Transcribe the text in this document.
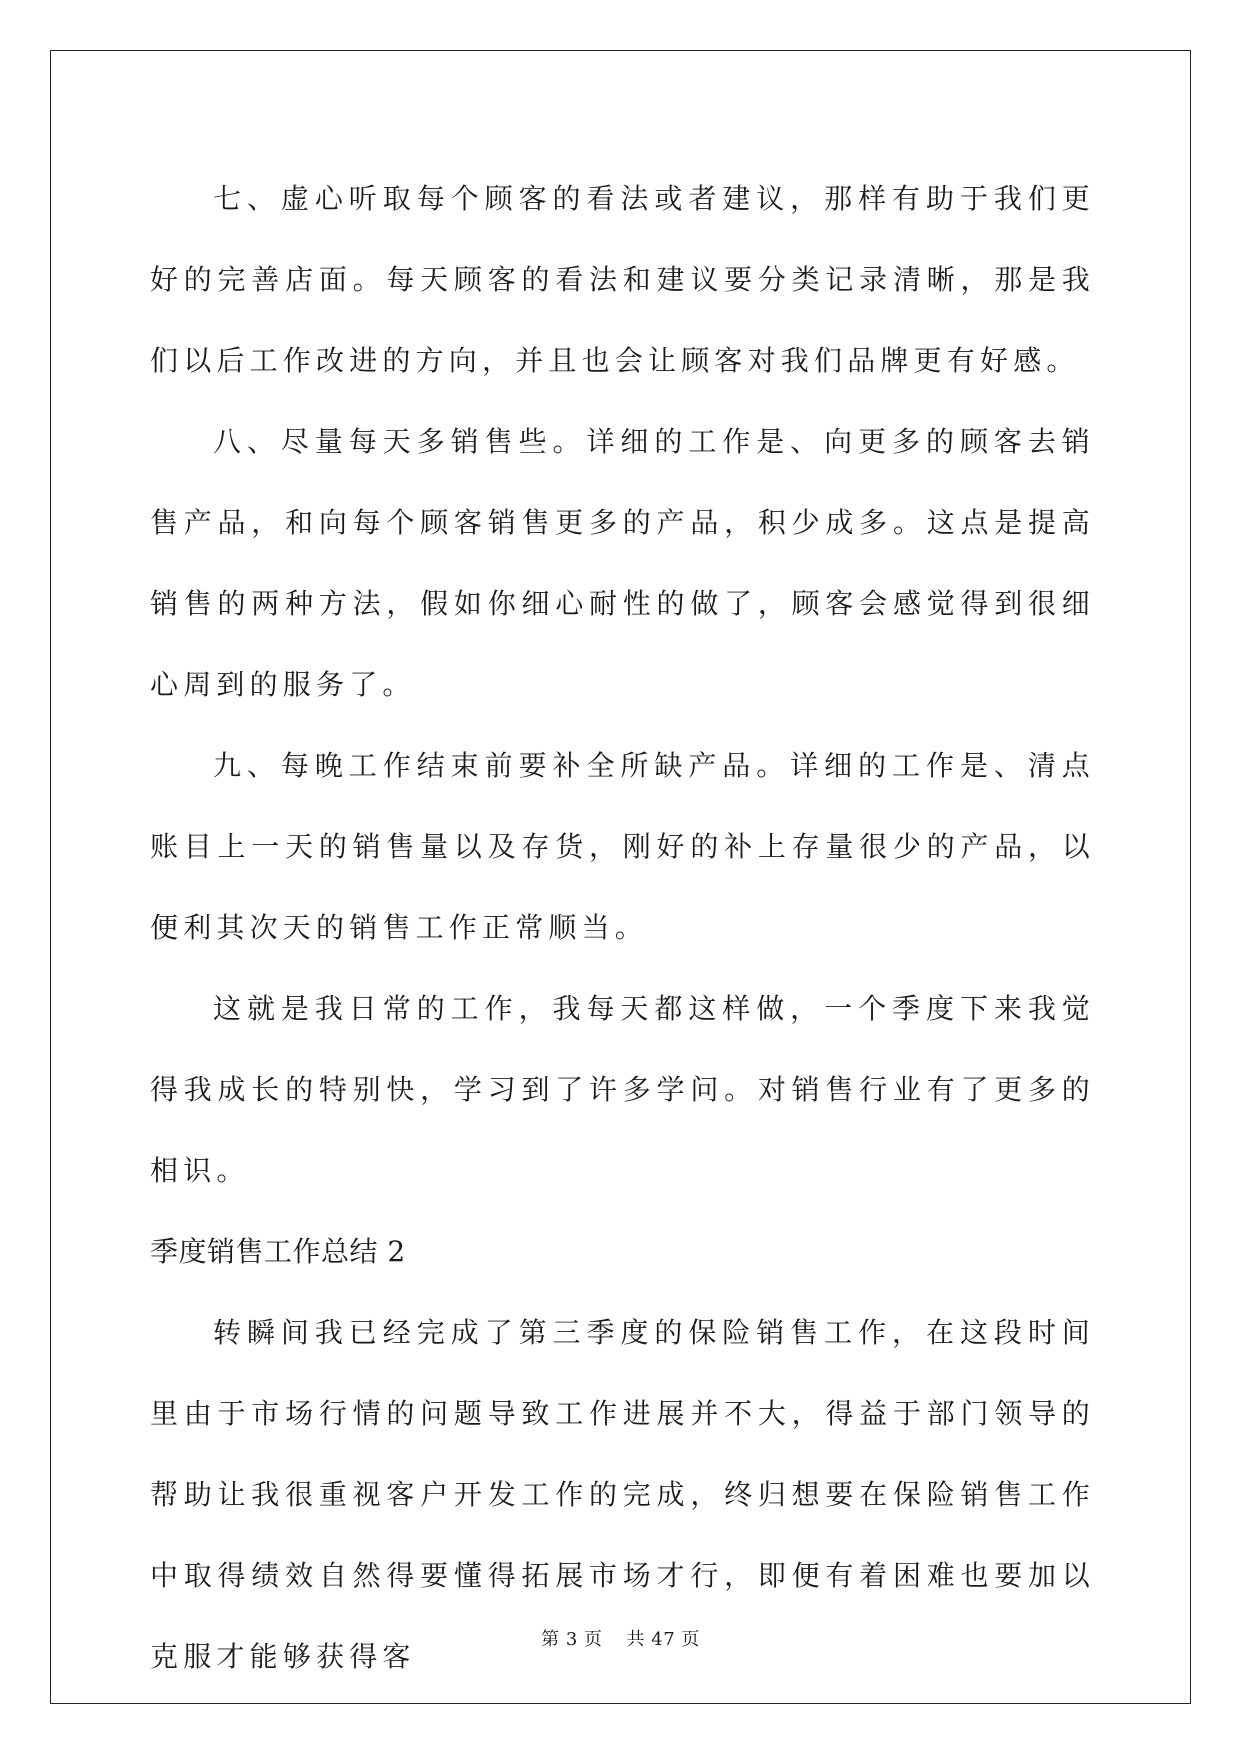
七、虚心听取每个顾客的看法或者建议，那样有助于我们更好的完善店面。每天顾客的看法和建议要分类记录清晰，那是我们以后工作改进的方向，并且也会让顾客对我们品牌更有好感。

八、尽量每天多销售些。详细的工作是、向更多的顾客去销售产品，和向每个顾客销售更多的产品，积少成多。这点是提高销售的两种方法，假如你细心耐性的做了，顾客会感觉得到很细心周到的服务了。

九、每晚工作结束前要补全所缺产品。详细的工作是、清点账目上一天的销售量以及存货，刚好的补上存量很少的产品，以便利其次天的销售工作正常顺当。

这就是我日常的工作，我每天都这样做，一个季度下来我觉得我成长的特别快，学习到了许多学问。对销售行业有了更多的相识。

季度销售工作总结 2

转瞬间我已经完成了第三季度的保险销售工作，在这段时间里由于市场行情的问题导致工作进展并不大，得益于部门领导的帮助让我很重视客户开发工作的完成，终归想要在保险销售工作中取得绩效自然得要懂得拓展市场才行，即便有着困难也要加以克服才能够获得客

第 3 页 共 47 页
